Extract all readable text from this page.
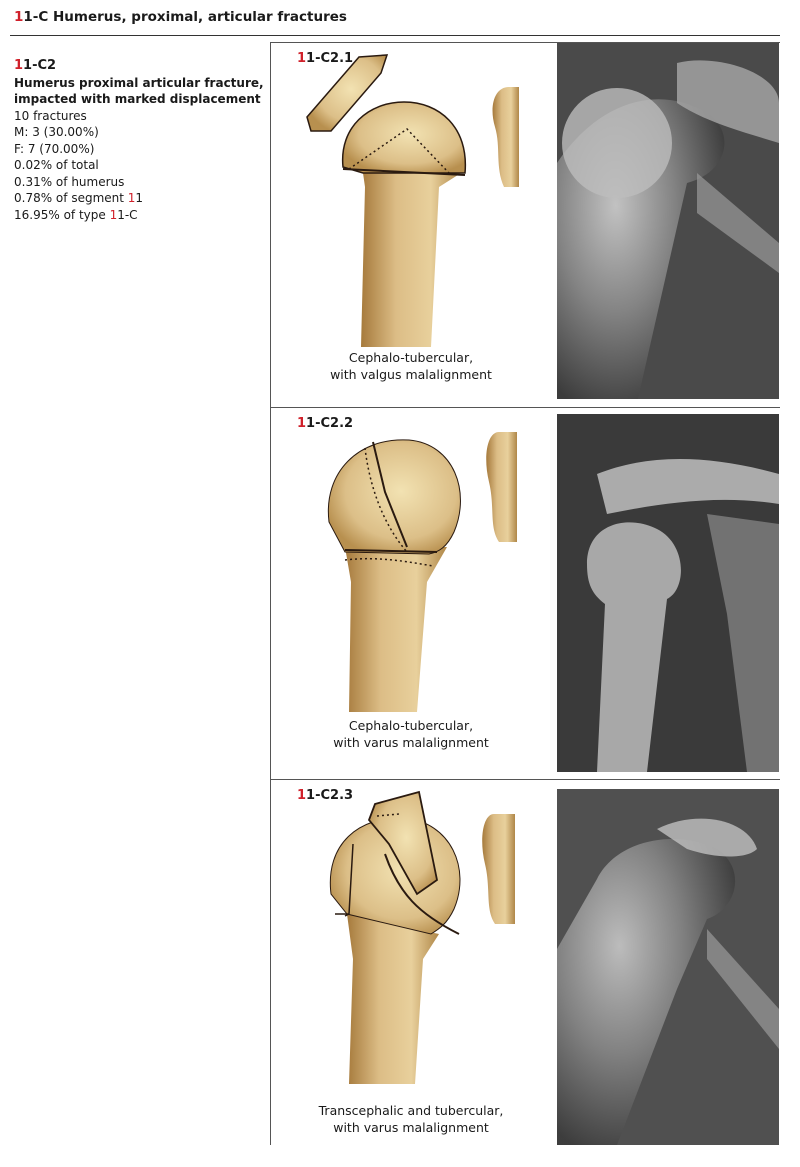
11-C Humerus, proximal, articular fractures
11-C2
Humerus proximal articular fracture,
impacted with marked displacement
10 fractures
M: 3 (30.00%)
F: 7 (70.00%)
0.02% of total
0.31% of humerus
0.78% of segment 11
16.95% of type 11-C
11-C2.1
Cephalo-tubercular,
with valgus malalignment
11-C2.2
Cephalo-tubercular,
with varus malalignment
11-C2.3
Transcephalic and tubercular,
with varus malalignment
